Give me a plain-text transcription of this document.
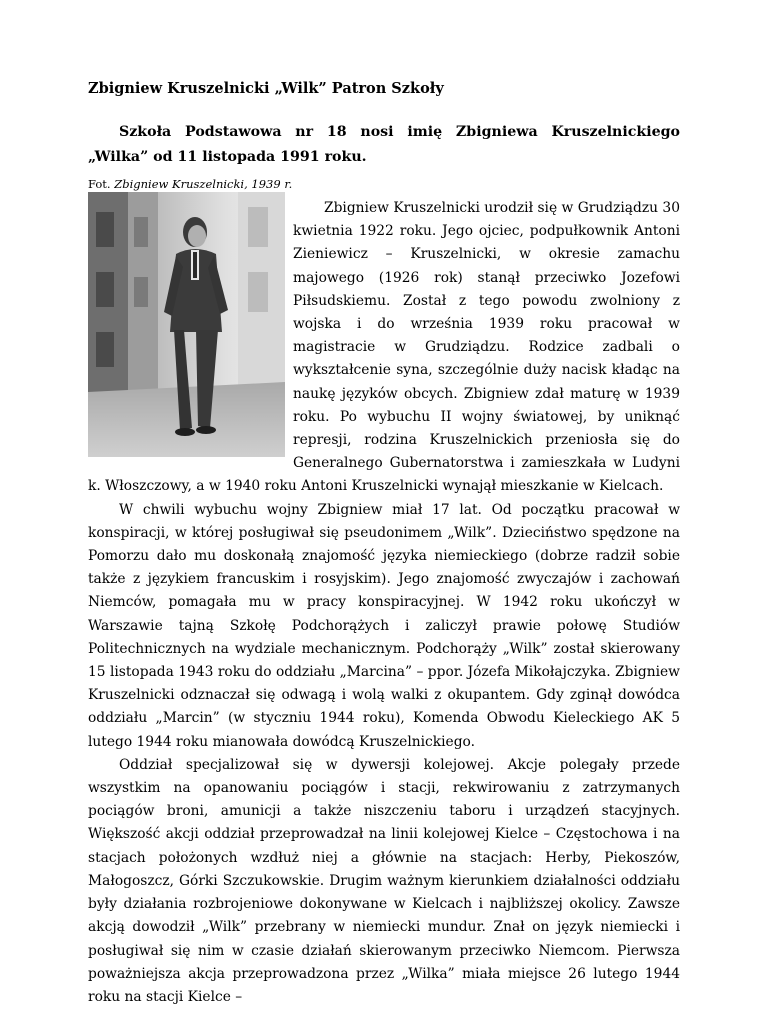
Zbigniew Kruszelnicki „Wilk” Patron Szkoły

Szkoła Podstawowa nr 18 nosi imię Zbigniewa Kruszelnickiego „Wilka” od 11 listopada 1991 roku.

Fot. Zbigniew Kruszelnicki, 1939 r.

Zbigniew Kruszelnicki urodził się w Grudziądzu 30 kwietnia 1922 roku. Jego ojciec, podpułkownik Antoni Zieniewicz – Kruszelnicki, w okresie zamachu majowego (1926 rok) stanął przeciwko Jozefowi Piłsudskiemu. Został z tego powodu zwolniony z wojska i do września 1939 roku pracował w magistracie w Grudziądzu. Rodzice zadbali o wykształcenie syna, szczególnie duży nacisk kładąc na naukę języków obcych. Zbigniew zdał maturę w 1939 roku. Po wybuchu II wojny światowej, by uniknąć represji, rodzina Kruszelnickich przeniosła się do Generalnego Gubernatorstwa i zamieszkała w Ludyni k. Włoszczowy, a w 1940 roku Antoni Kruszelnicki wynajął mieszkanie w Kielcach.

W chwili wybuchu wojny Zbigniew miał 17 lat. Od początku pracował w konspiracji, w której posługiwał się pseudonimem „Wilk”. Dzieciństwo spędzone na Pomorzu dało mu doskonałą znajomość języka niemieckiego (dobrze radził sobie także z językiem francuskim i rosyjskim). Jego znajomość zwyczajów i zachowań Niemców, pomagała mu w pracy konspiracyjnej. W 1942 roku ukończył w Warszawie tajną Szkołę Podchorążych i zaliczył prawie połowę Studiów Politechnicznych na wydziale mechanicznym. Podchorąży „Wilk” został skierowany 15 listopada 1943 roku do oddziału „Marcina” – ppor. Józefa Mikołajczyka. Zbigniew Kruszelnicki odznaczał się odwagą i wolą walki z okupantem. Gdy zginął dowódca oddziału „Marcin” (w styczniu 1944 roku), Komenda Obwodu Kieleckiego AK 5 lutego 1944 roku mianowała dowódcą Kruszelnickiego.

Oddział specjalizował się w dywersji kolejowej. Akcje polegały przede wszystkim na opanowaniu pociągów i stacji, rekwirowaniu z zatrzymanych pociągów broni, amunicji a także niszczeniu taboru i urządzeń stacyjnych. Większość akcji oddział przeprowadzał na linii kolejowej Kielce – Częstochowa i na stacjach położonych wzdłuż niej a głównie na stacjach: Herby, Piekoszów, Małogoszcz, Górki Szczukowskie. Drugim ważnym kierunkiem działalności oddziału były działania rozbrojeniowe dokonywane w Kielcach i najbliższej okolicy. Zawsze akcją dowodził „Wilk” przebrany w niemiecki mundur. Znał on język niemiecki i posługiwał się nim w czasie działań skierowanym przeciwko Niemcom. Pierwsza poważniejsza akcja przeprowadzona przez „Wilka” miała miejsce 26 lutego 1944 roku na stacji Kielce –
